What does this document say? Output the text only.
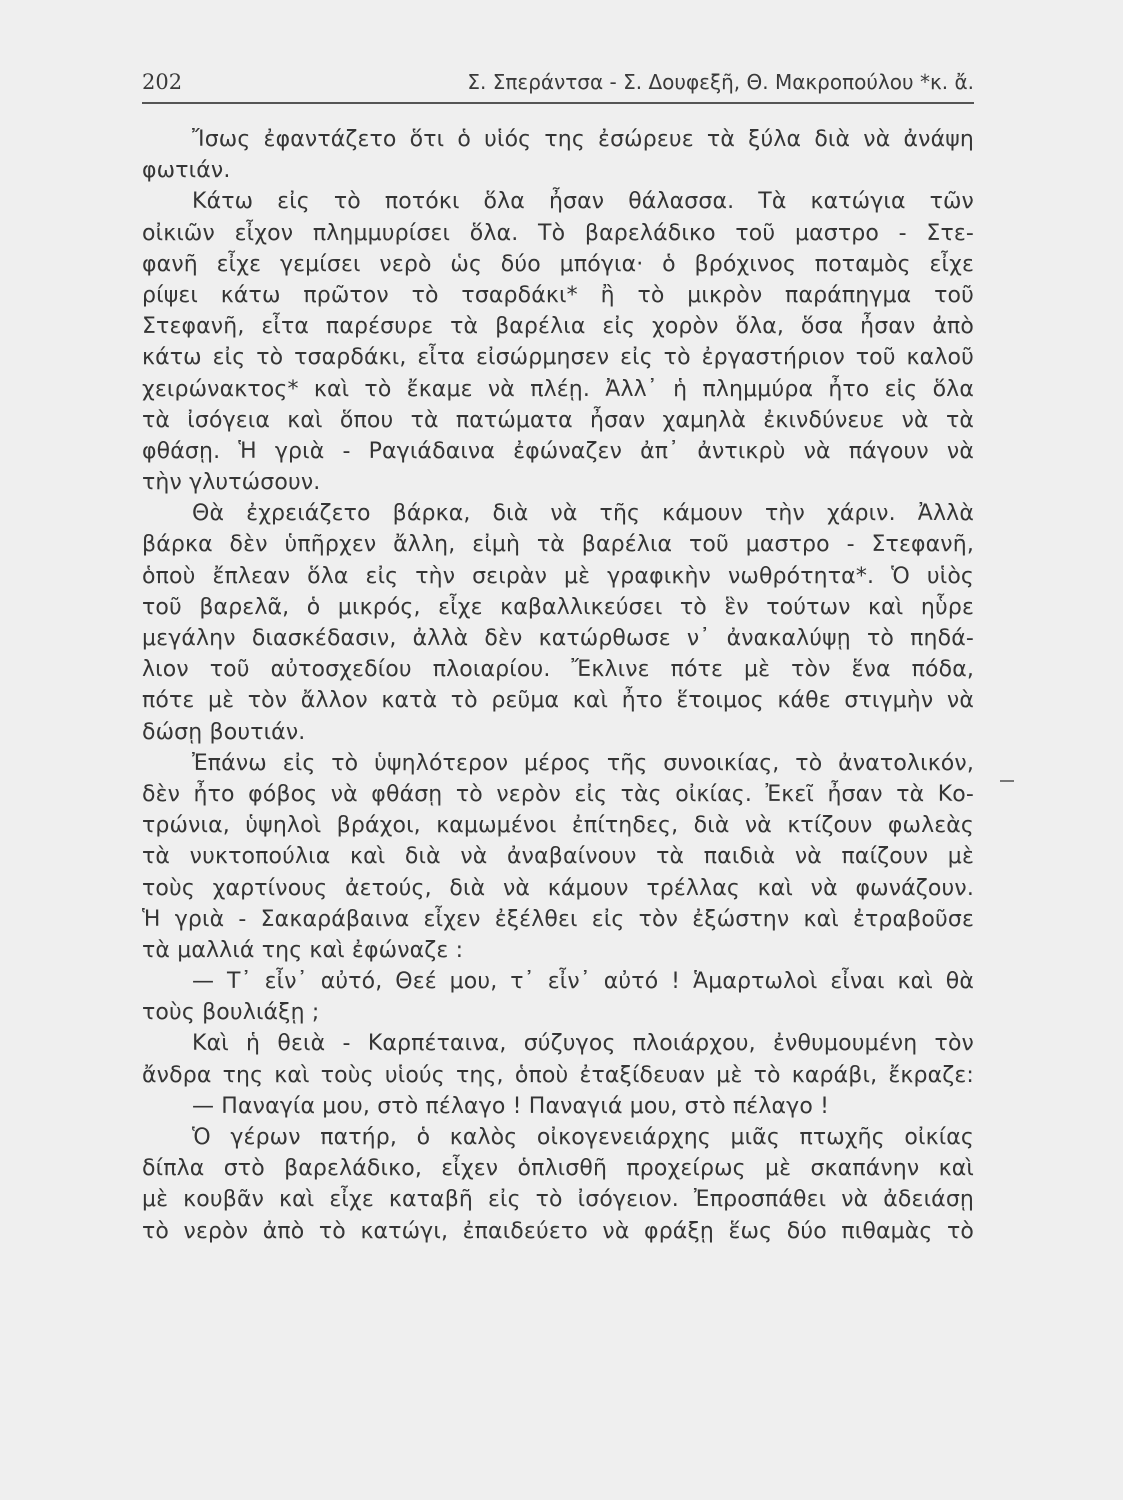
202	Σ. Σπεράντσα - Σ. Δουφεξῆ, Θ. Μακροπούλου *κ. ἄ.
Ἴσως ἐφαντάζετο ὅτι ὁ υἱός της ἐσώρευε τὰ ξύλα διὰ νὰ ἀνάψη
φωτιάν.
Κάτω εἰς τὸ ποτόκι ὅλα ἦσαν θάλασσα. Τὰ κατώγια τῶν
οἰκιῶν εἶχον πλημμυρίσει ὅλα. Τὸ βαρελάδικο τοῦ μαστρο - Στε-
φανῆ εἶχε γεμίσει νερὸ ὡς δύο μπόγια· ὁ βρόχινος ποταμὸς εἶχε
ρίψει κάτω πρῶτον τὸ τσαρδάκι* ἢ τὸ μικρὸν παράπηγμα τοῦ
Στεφανῆ, εἶτα παρέσυρε τὰ βαρέλια εἰς χορὸν ὅλα, ὅσα ἦσαν ἀπὸ
κάτω εἰς τὸ τσαρδάκι, εἶτα εἰσώρμησεν εἰς τὸ ἐργαστήριον τοῦ καλοῦ
χειρώνακτος* καὶ τὸ ἔκαμε νὰ πλέῃ. Ἀλλ᾽ ἡ πλημμύρα ἦτο εἰς ὅλα
τὰ ἰσόγεια καὶ ὅπου τὰ πατώματα ἦσαν χαμηλὰ ἐκινδύνευε νὰ τὰ
φθάσῃ. Ἡ γριὰ - Ραγιάδαινα ἐφώναζεν ἀπ᾽ ἀντικρὺ νὰ πάγουν νὰ
τὴν γλυτώσουν.
Θὰ ἐχρειάζετο βάρκα, διὰ νὰ τῆς κάμουν τὴν χάριν. Ἀλλὰ
βάρκα δὲν ὑπῆρχεν ἄλλη, εἰμὴ τὰ βαρέλια τοῦ μαστρο - Στεφανῆ,
ὁποὺ ἔπλεαν ὅλα εἰς τὴν σειρὰν μὲ γραφικὴν νωθρότητα*. Ὁ υἱὸς
τοῦ βαρελᾶ, ὁ μικρός, εἶχε καβαλλικεύσει τὸ ἓν τούτων καὶ ηὗρε
μεγάλην διασκέδασιν, ἀλλὰ δὲν κατώρθωσε ν᾽ ἀνακαλύψῃ τὸ πηδά-
λιον τοῦ αὐτοσχεδίου πλοιαρίου. Ἔκλινε πότε μὲ τὸν ἕνα πόδα,
πότε μὲ τὸν ἄλλον κατὰ τὸ ρεῦμα καὶ ἦτο ἕτοιμος κάθε στιγμὴν νὰ
δώσῃ βουτιάν.
Ἐπάνω εἰς τὸ ὑψηλότερον μέρος τῆς συνοικίας, τὸ ἀνατολικόν,
δὲν ἦτο φόβος νὰ φθάσῃ τὸ νερὸν εἰς τὰς οἰκίας. Ἐκεῖ ἦσαν τὰ Κο-
τρώνια, ὑψηλοὶ βράχοι, καμωμένοι ἐπίτηδες, διὰ νὰ κτίζουν φωλεὰς
τὰ νυκτοπούλια καὶ διὰ νὰ ἀναβαίνουν τὰ παιδιὰ νὰ παίζουν μὲ
τοὺς χαρτίνους ἀετούς, διὰ νὰ κάμουν τρέλλας καὶ νὰ φωνάζουν.
Ἡ γριὰ - Σακαράβαινα εἶχεν ἐξέλθει εἰς τὸν ἐξώστην καὶ ἐτραβοῦσε
τὰ μαλλιά της καὶ ἐφώναζε :
— Τ᾽ εἶν᾽ αὐτό, Θεέ μου, τ᾽ εἶν᾽ αὐτό ! Ἁμαρτωλοὶ εἶναι καὶ θὰ
τοὺς βουλιάξῃ ;
Καὶ ἡ θειὰ - Καρπέταινα, σύζυγος πλοιάρχου, ἐνθυμουμένη τὸν
ἄνδρα της καὶ τοὺς υἱούς της, ὁποὺ ἐταξίδευαν μὲ τὸ καράβι, ἔκραζε:
— Παναγία μου, στὸ πέλαγο ! Παναγιά μου, στὸ πέλαγο !
Ὁ γέρων πατήρ, ὁ καλὸς οἰκογενειάρχης μιᾶς πτωχῆς οἰκίας
δίπλα στὸ βαρελάδικο, εἶχεν ὁπλισθῆ προχείρως μὲ σκαπάνην καὶ
μὲ κουβᾶν καὶ εἶχε καταβῆ εἰς τὸ ἰσόγειον. Ἐπροσπάθει νὰ ἀδειάσῃ
τὸ νερὸν ἀπὸ τὸ κατώγι, ἐπαιδεύετο νὰ φράξῃ ἕως δύο πιθαμὰς τὸ
